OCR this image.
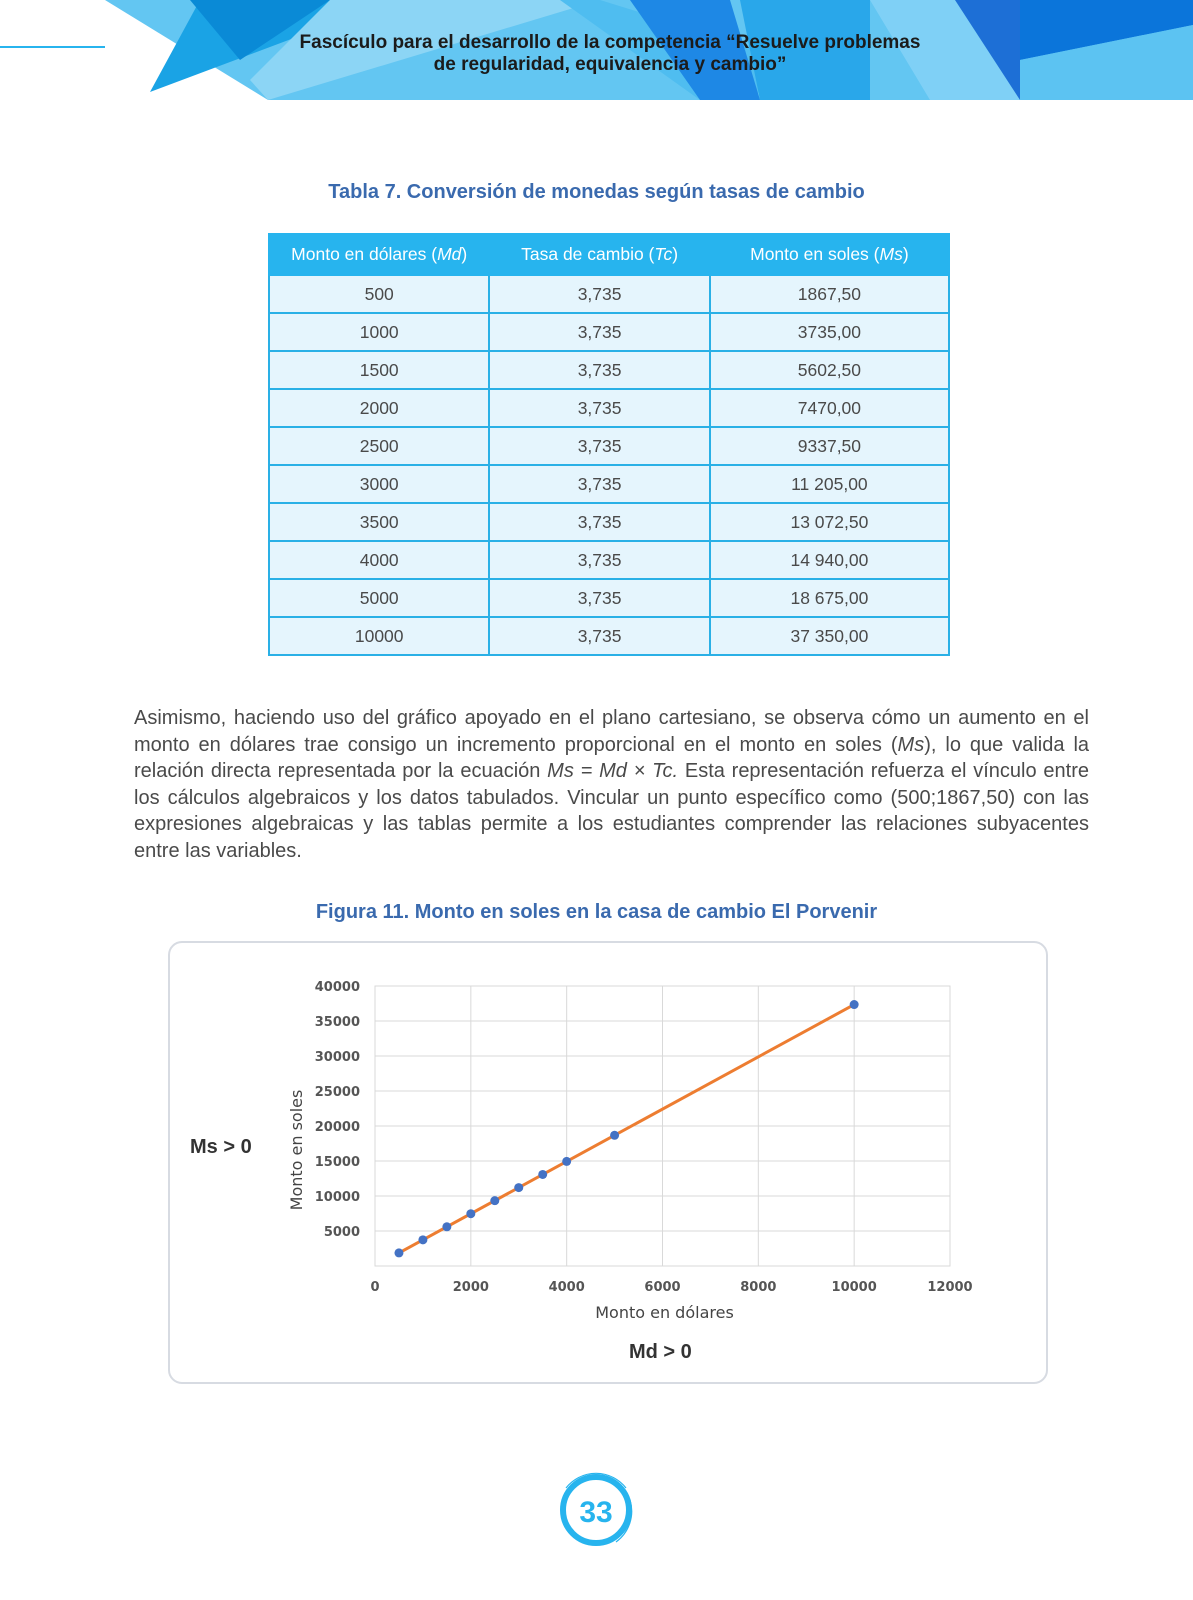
Fascículo para el desarrollo de la competencia “Resuelve problemas
de regularidad, equivalencia y cambio”
Tabla 7. Conversión de monedas según tasas de cambio
Monto en dólares (Md)	Tasa de cambio (Tc)	Monto en soles (Ms)
500	3,735	1867,50
1000	3,735	3735,00
1500	3,735	5602,50
2000	3,735	7470,00
2500	3,735	9337,50
3000	3,735	11 205,00
3500	3,735	13 072,50
4000	3,735	14 940,00
5000	3,735	18 675,00
10000	3,735	37 350,00
Asimismo, haciendo uso del gráfico apoyado en el plano cartesiano, se observa cómo un aumento en el monto en dólares trae consigo un incremento proporcional en el monto en soles (Ms), lo que valida la relación directa representada por la ecuación Ms = Md × Tc. Esta representación refuerza el vínculo entre los cálculos algebraicos y los datos tabulados. Vincular un punto específico como (500;1867,50) con las expresiones algebraicas y las tablas permite a los estudiantes comprender las relaciones subyacentes entre las variables.
Figura 11. Monto en soles en la casa de cambio El Porvenir
0	2000	4000	6000	8000	10000	12000
5000
10000
15000
20000
25000
30000
35000
40000
Monto en dólares
Monto en soles
Ms > 0
Md > 0
33
